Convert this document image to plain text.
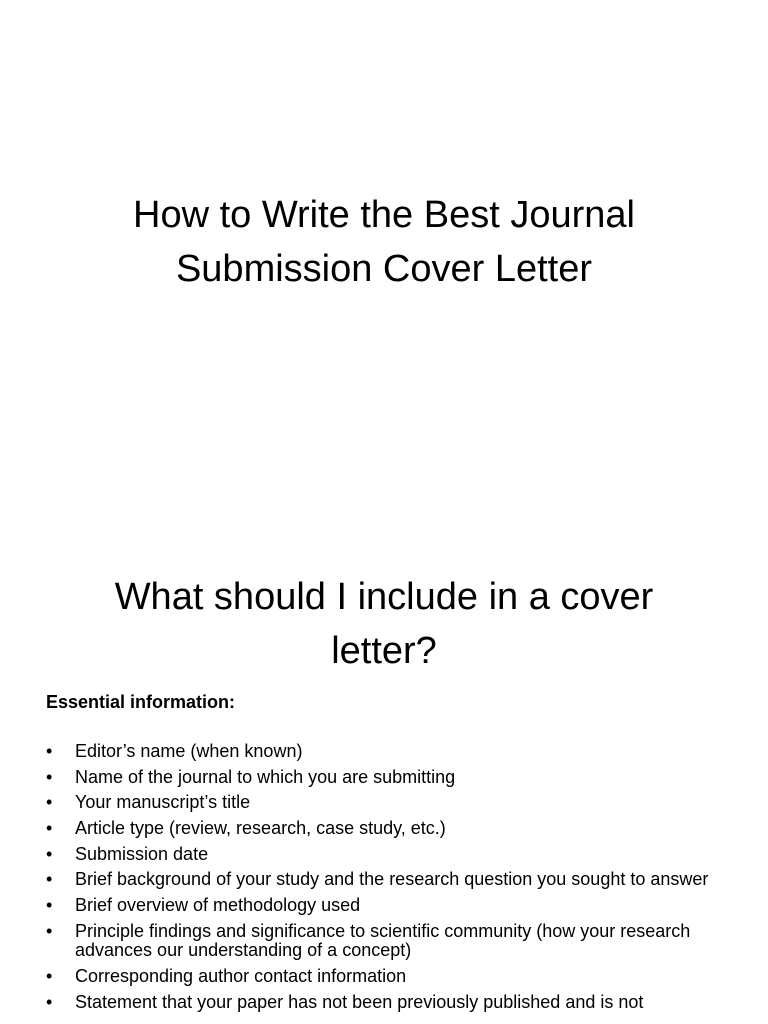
How to Write the Best Journal
Submission Cover Letter
What should I include in a cover
letter?

Essential information:

•	Editor’s name (when known)
•	Name of the journal to which you are submitting
•	Your manuscript’s title
•	Article type (review, research, case study, etc.)
•	Submission date
•	Brief background of your study and the research question you sought to answer
•	Brief overview of methodology used
•	Principle findings and significance to scientific community (how your research advances our understanding of a concept)
•	Corresponding author contact information
•	Statement that your paper has not been previously published and is not
